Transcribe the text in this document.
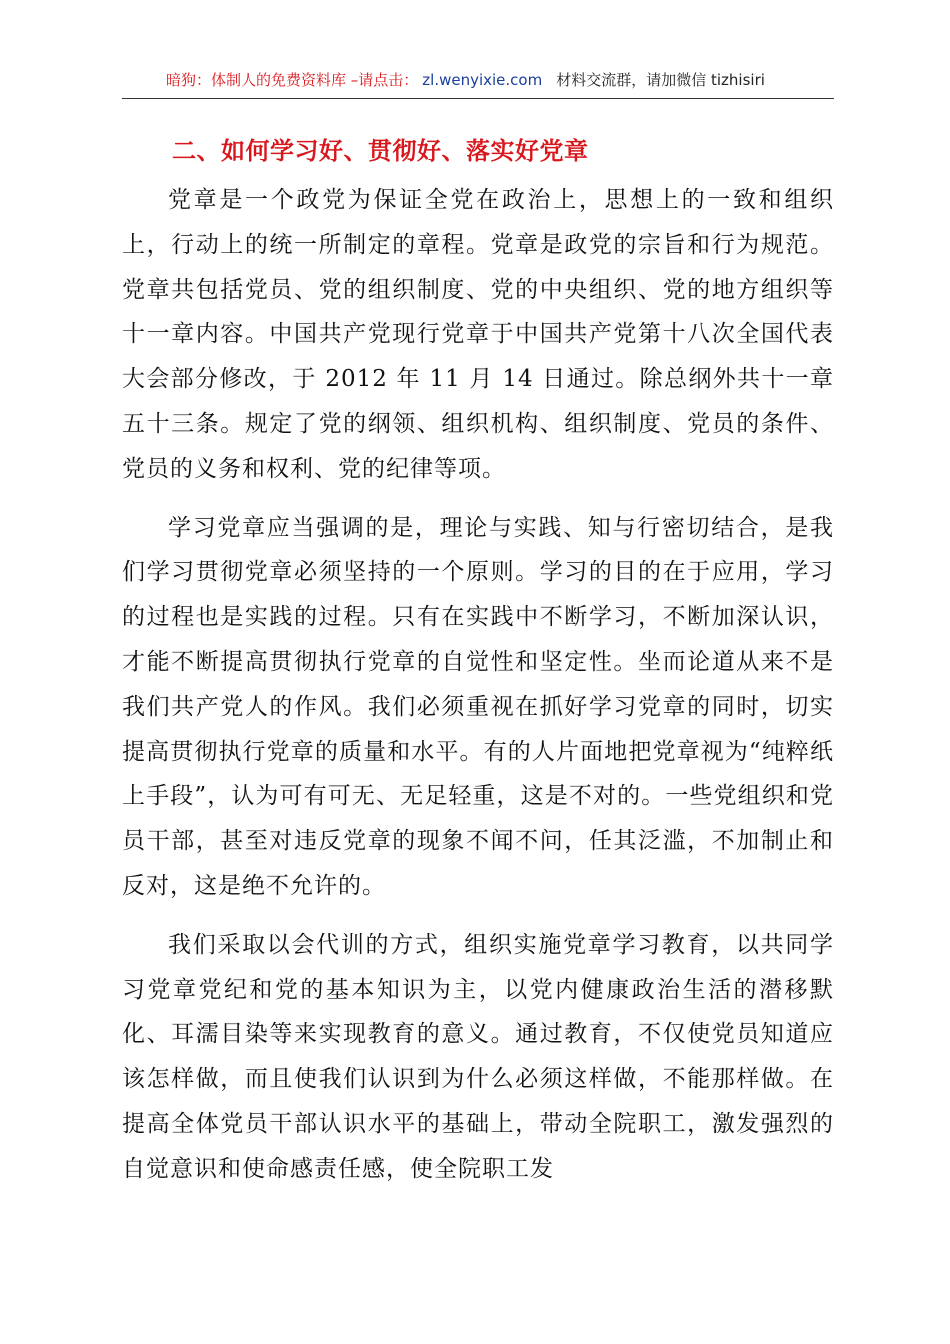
暗狗：体制人的免费资料库 –请点击： zl.wenyixie.com 材料交流群，请加微信 tizhisiri
二、如何学习好、贯彻好、落实好党章

党章是一个政党为保证全党在政治上，思想上的一致和组织上，行动上的统一所制定的章程。党章是政党的宗旨和行为规范。党章共包括党员、党的组织制度、党的中央组织、党的地方组织等十一章内容。中国共产党现行党章于中国共产党第十八次全国代表大会部分修改，于 2012 年 11 月 14 日通过。除总纲外共十一章五十三条。规定了党的纲领、组织机构、组织制度、党员的条件、党员的义务和权利、党的纪律等项。

学习党章应当强调的是，理论与实践、知与行密切结合，是我们学习贯彻党章必须坚持的一个原则。学习的目的在于应用，学习的过程也是实践的过程。只有在实践中不断学习，不断加深认识，才能不断提高贯彻执行党章的自觉性和坚定性。坐而论道从来不是我们共产党人的作风。我们必须重视在抓好学习党章的同时，切实提高贯彻执行党章的质量和水平。有的人片面地把党章视为“纯粹纸上手段”，认为可有可无、无足轻重，这是不对的。一些党组织和党员干部，甚至对违反党章的现象不闻不问，任其泛滥，不加制止和反对，这是绝不允许的。

我们采取以会代训的方式，组织实施党章学习教育，以共同学习党章党纪和党的基本知识为主，以党内健康政治生活的潜移默化、耳濡目染等来实现教育的意义。通过教育，不仅使党员知道应该怎样做，而且使我们认识到为什么必须这样做，不能那样做。在提高全体党员干部认识水平的基础上，带动全院职工，激发强烈的自觉意识和使命感责任感，使全院职工发
